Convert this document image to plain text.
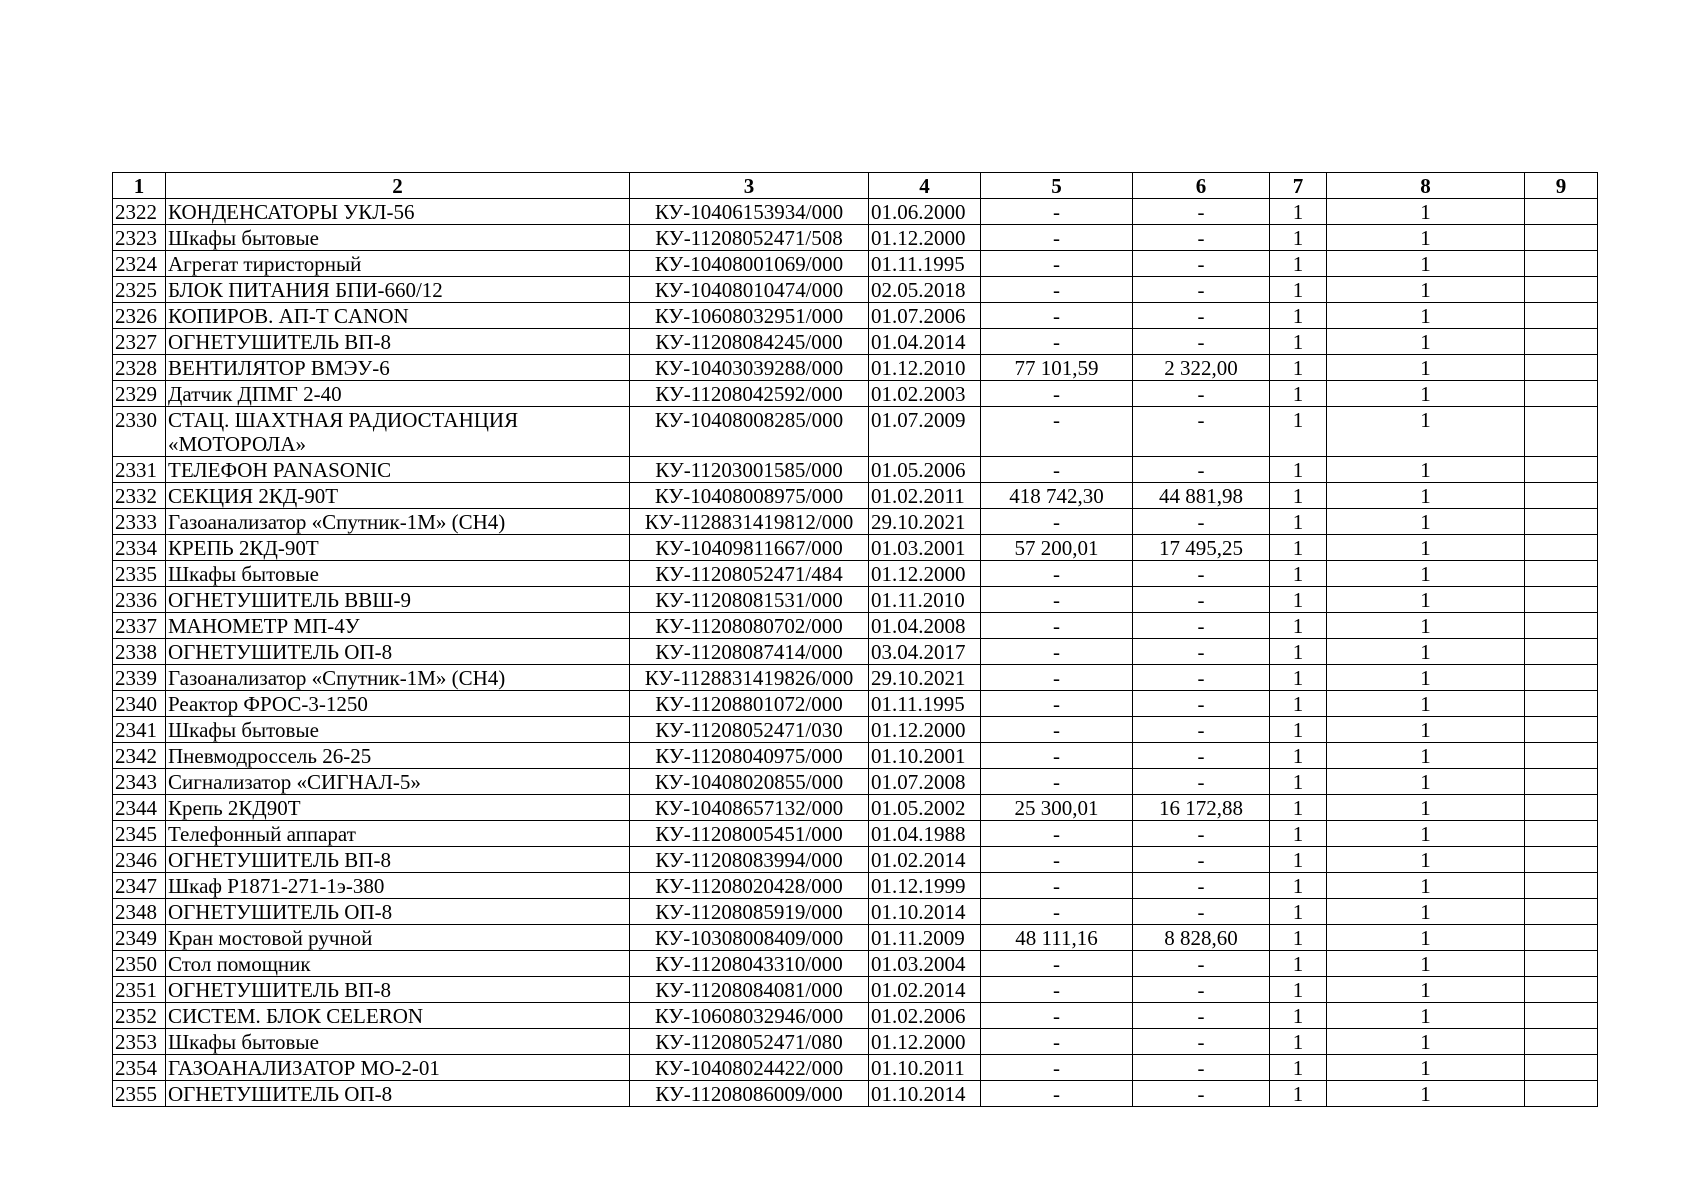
1	2	3	4	5	6	7	8	9
2322	КОНДЕНСАТОРЫ УКЛ-56	КУ-10406153934/000	01.06.2000	-	-	1	1	
2323	Шкафы бытовые	КУ-11208052471/508	01.12.2000	-	-	1	1	
2324	Агрегат тиристорный	КУ-10408001069/000	01.11.1995	-	-	1	1	
2325	БЛОК ПИТАНИЯ БПИ-660/12	КУ-10408010474/000	02.05.2018	-	-	1	1	
2326	КОПИРОВ. АП-Т CANON	КУ-10608032951/000	01.07.2006	-	-	1	1	
2327	ОГНЕТУШИТЕЛЬ ВП-8	КУ-11208084245/000	01.04.2014	-	-	1	1	
2328	ВЕНТИЛЯТОР ВМЭУ-6	КУ-10403039288/000	01.12.2010	77 101,59	2 322,00	1	1	
2329	Датчик ДПМГ 2-40	КУ-11208042592/000	01.02.2003	-	-	1	1	
2330	СТАЦ. ШАХТНАЯ РАДИОСТАНЦИЯ «МОТОРОЛА»	КУ-10408008285/000	01.07.2009	-	-	1	1	
2331	ТЕЛЕФОН PANASONIC	КУ-11203001585/000	01.05.2006	-	-	1	1	
2332	СЕКЦИЯ 2КД-90Т	КУ-10408008975/000	01.02.2011	418 742,30	44 881,98	1	1	
2333	Газоанализатор «Спутник-1М» (СН4)	КУ-1128831419812/000	29.10.2021	-	-	1	1	
2334	КРЕПЬ 2КД-90Т	КУ-10409811667/000	01.03.2001	57 200,01	17 495,25	1	1	
2335	Шкафы бытовые	КУ-11208052471/484	01.12.2000	-	-	1	1	
2336	ОГНЕТУШИТЕЛЬ ВВШ-9	КУ-11208081531/000	01.11.2010	-	-	1	1	
2337	МАНОМЕТР МП-4У	КУ-11208080702/000	01.04.2008	-	-	1	1	
2338	ОГНЕТУШИТЕЛЬ ОП-8	КУ-11208087414/000	03.04.2017	-	-	1	1	
2339	Газоанализатор «Спутник-1М» (СН4)	КУ-1128831419826/000	29.10.2021	-	-	1	1	
2340	Реактор ФРОС-3-1250	КУ-11208801072/000	01.11.1995	-	-	1	1	
2341	Шкафы бытовые	КУ-11208052471/030	01.12.2000	-	-	1	1	
2342	Пневмодроссель 26-25	КУ-11208040975/000	01.10.2001	-	-	1	1	
2343	Сигнализатор «СИГНАЛ-5»	КУ-10408020855/000	01.07.2008	-	-	1	1	
2344	Крепь 2КД90Т	КУ-10408657132/000	01.05.2002	25 300,01	16 172,88	1	1	
2345	Телефонный аппарат	КУ-11208005451/000	01.04.1988	-	-	1	1	
2346	ОГНЕТУШИТЕЛЬ ВП-8	КУ-11208083994/000	01.02.2014	-	-	1	1	
2347	Шкаф Р1871-271-1э-380	КУ-11208020428/000	01.12.1999	-	-	1	1	
2348	ОГНЕТУШИТЕЛЬ ОП-8	КУ-11208085919/000	01.10.2014	-	-	1	1	
2349	Кран мостовой ручной	КУ-10308008409/000	01.11.2009	48 111,16	8 828,60	1	1	
2350	Стол помощник	КУ-11208043310/000	01.03.2004	-	-	1	1	
2351	ОГНЕТУШИТЕЛЬ ВП-8	КУ-11208084081/000	01.02.2014	-	-	1	1	
2352	СИСТЕМ. БЛОК CELERON	КУ-10608032946/000	01.02.2006	-	-	1	1	
2353	Шкафы бытовые	КУ-11208052471/080	01.12.2000	-	-	1	1	
2354	ГАЗОАНАЛИЗАТОР МО-2-01	КУ-10408024422/000	01.10.2011	-	-	1	1	
2355	ОГНЕТУШИТЕЛЬ ОП-8	КУ-11208086009/000	01.10.2014	-	-	1	1	
